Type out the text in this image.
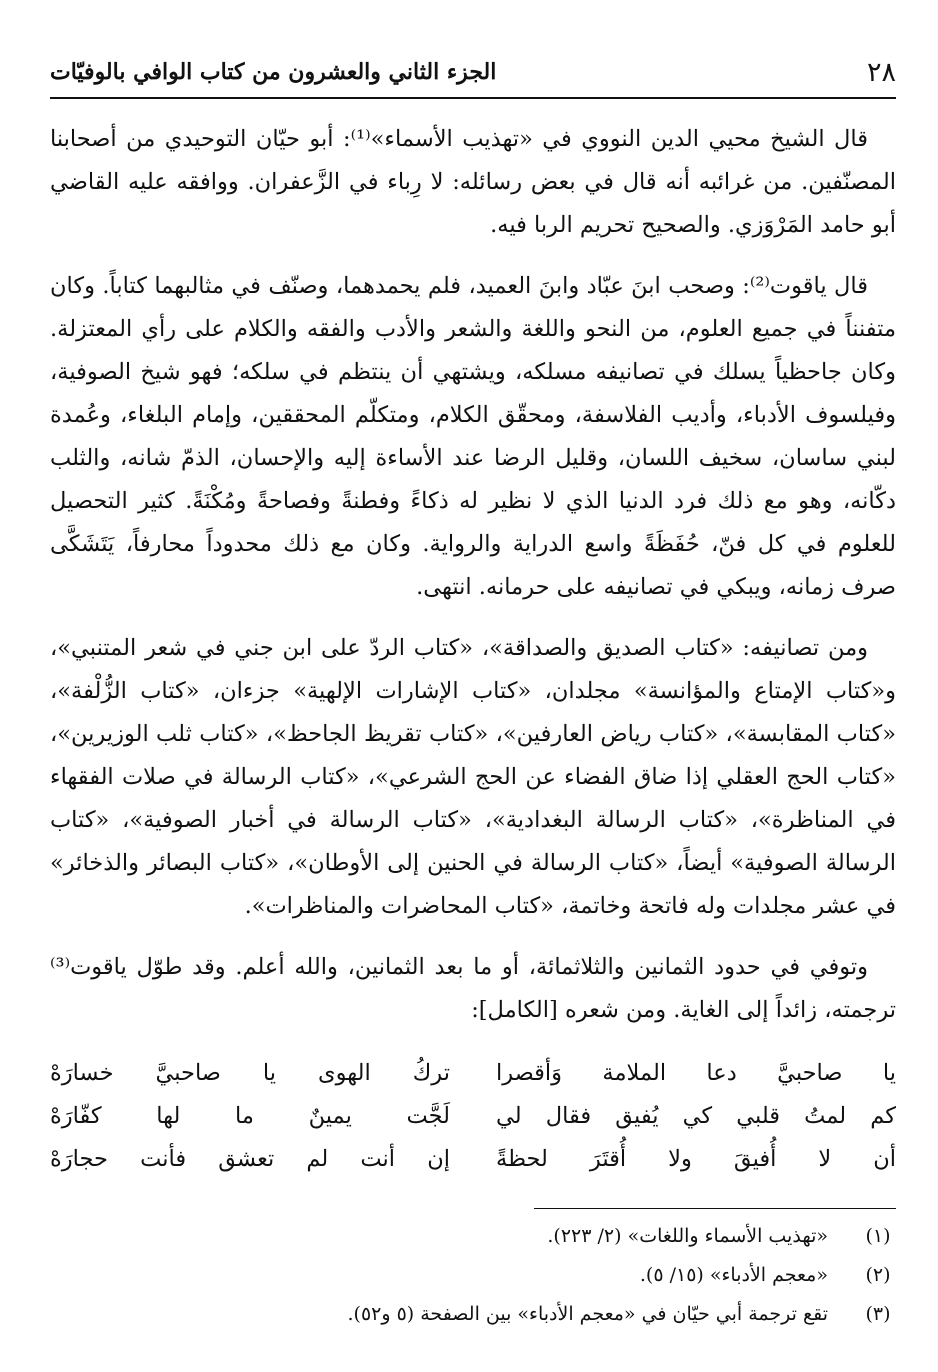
٢٨
الجزء الثاني والعشرون من كتاب الوافي بالوفيّات

قال الشيخ محيي الدين النووي في «تهذيب الأسماء»⁽¹⁾: أبو حيّان التوحيدي من أصحابنا المصنّفين. من غرائبه أنه قال في بعض رسائله: لا رِباء في الزَّعفران. ووافقه عليه القاضي أبو حامد المَرْوَزي. والصحيح تحريم الربا فيه.

قال ياقوت⁽²⁾: وصحب ابنَ عبّاد وابنَ العميد، فلم يحمدهما، وصنّف في مثالبهما كتاباً. وكان متفنناً في جميع العلوم، من النحو واللغة والشعر والأدب والفقه والكلام على رأي المعتزلة. وكان جاحظياً يسلك في تصانيفه مسلكه، ويشتهي أن ينتظم في سلكه؛ فهو شيخ الصوفية، وفيلسوف الأدباء، وأديب الفلاسفة، ومحقّق الكلام، ومتكلّم المحققين، وإمام البلغاء، وعُمدة لبني ساسان، سخيف اللسان، وقليل الرضا عند الأساءة إليه والإحسان، الذمّ شانه، والثلب دكّانه، وهو مع ذلك فرد الدنيا الذي لا نظير له ذكاءً وفطنةً وفصاحةً ومُكْنَةً. كثير التحصيل للعلوم في كل فنّ، حُفَظَةً واسع الدراية والرواية. وكان مع ذلك محدوداً محارفاً، يَتَشَكَّى صرف زمانه، ويبكي في تصانيفه على حرمانه. انتهى.

ومن تصانيفه: «كتاب الصديق والصداقة»، «كتاب الردّ على ابن جني في شعر المتنبي»، و«كتاب الإمتاع والمؤانسة» مجلدان، «كتاب الإشارات الإلهية» جزءان، «كتاب الزُّلْفة»، «كتاب المقابسة»، «كتاب رياض العارفين»، «كتاب تقريظ الجاحظ»، «كتاب ثلب الوزيرين»، «كتاب الحج العقلي إذا ضاق الفضاء عن الحج الشرعي»، «كتاب الرسالة في صلات الفقهاء في المناظرة»، «كتاب الرسالة البغدادية»، «كتاب الرسالة في أخبار الصوفية»، «كتاب الرسالة الصوفية» أيضاً، «كتاب الرسالة في الحنين إلى الأوطان»، «كتاب البصائر والذخائر» في عشر مجلدات وله فاتحة وخاتمة، «كتاب المحاضرات والمناظرات».

وتوفي في حدود الثمانين والثلاثمائة، أو ما بعد الثمانين، والله أعلم. وقد طوّل ياقوت⁽³⁾ ترجمته، زائداً إلى الغاية. ومن شعره [الكامل]:

يا صاحبيَّ دعا الملامة وَأقصرا
تركُ الهوى يا صاحبيَّ خسارَهْ
كم لمتُ قلبي كي يُفيق فقال لي
لَجَّت يمينٌ ما لها كفّارَهْ
أن لا أُفيقَ ولا أُقتَرَ لحظةً
إن أنت لم تعشق فأنت حجارَهْ
(١)
«تهذيب الأسماء واللغات» (٢/ ٢٢٣).
(٢)
«معجم الأدباء» (١٥/ ٥).
(٣)
تقع ترجمة أبي حيّان في «معجم الأدباء» بين الصفحة (٥ و٥٢).
